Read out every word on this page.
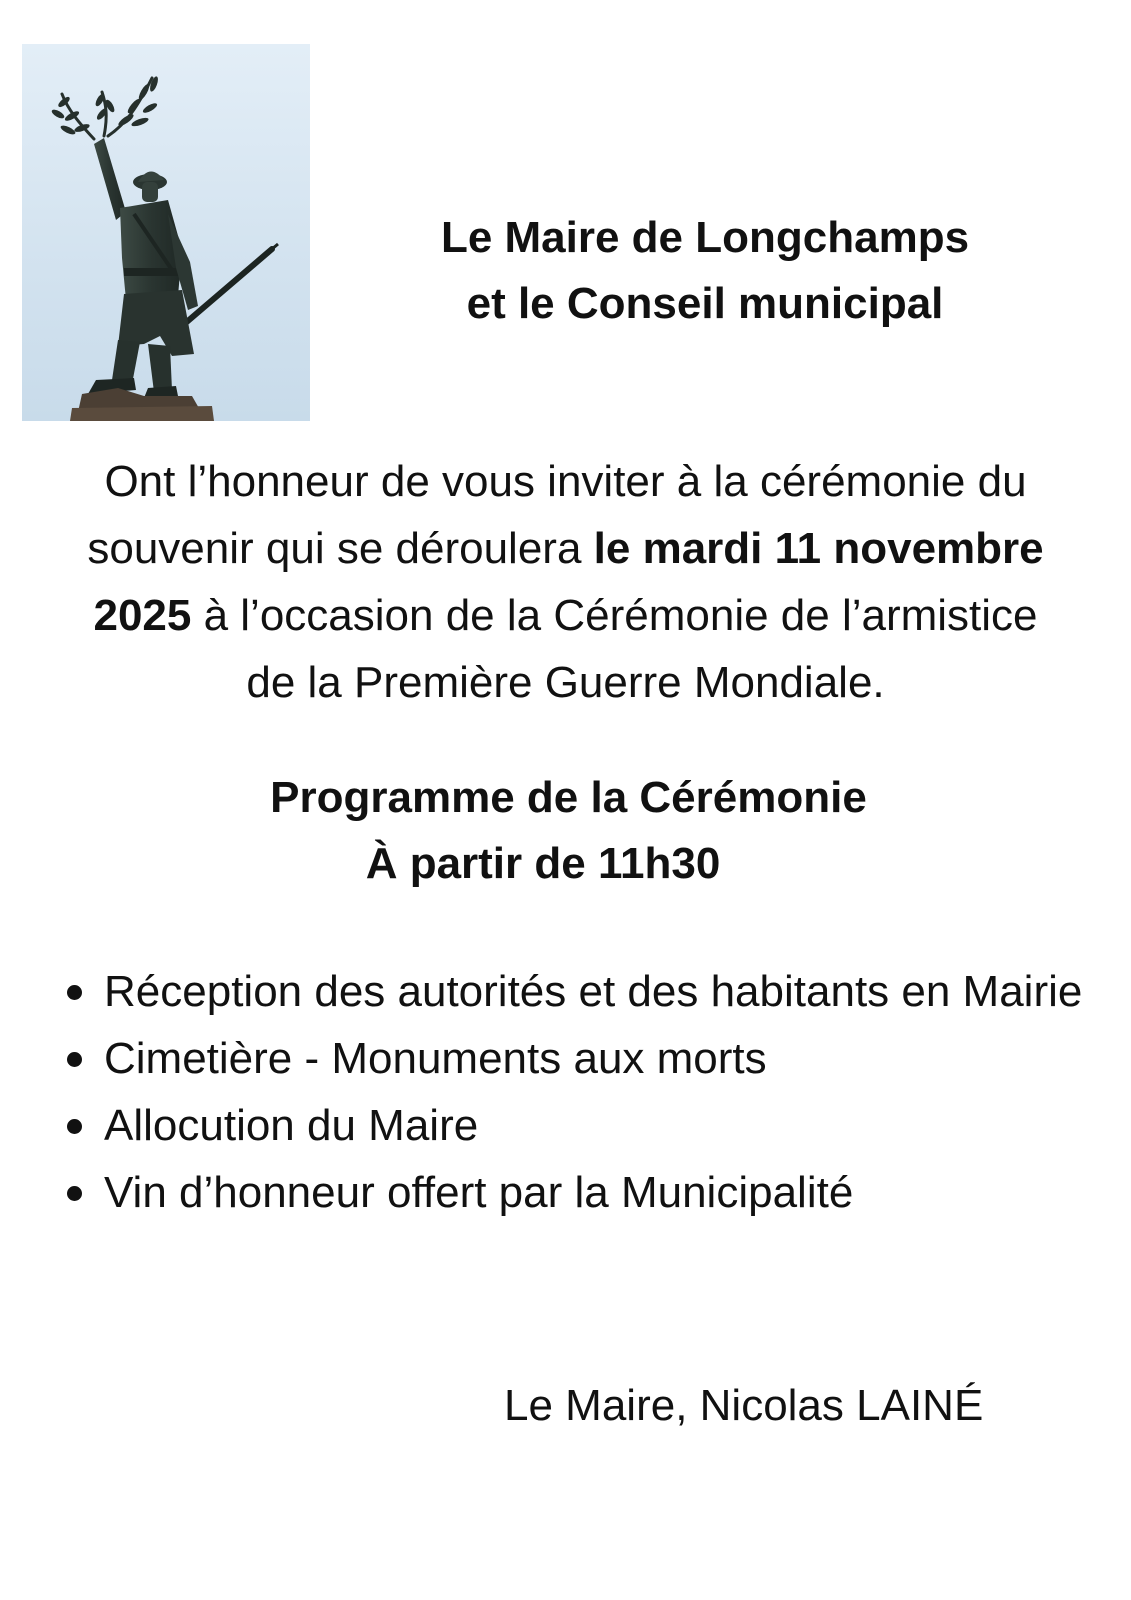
Le Maire de Longchamps
et le Conseil municipal
Ont l’honneur de vous inviter à la cérémonie du
souvenir qui se déroulera le mardi 11 novembre
2025 à l’occasion de la Cérémonie de l’armistice
de la Première Guerre Mondiale.
Programme de la Cérémonie
À partir de 11h30
Réception des autorités et des habitants en Mairie
Cimetière - Monuments aux morts
Allocution du Maire
Vin d’honneur offert par la Municipalité
Le Maire, Nicolas LAINÉ
